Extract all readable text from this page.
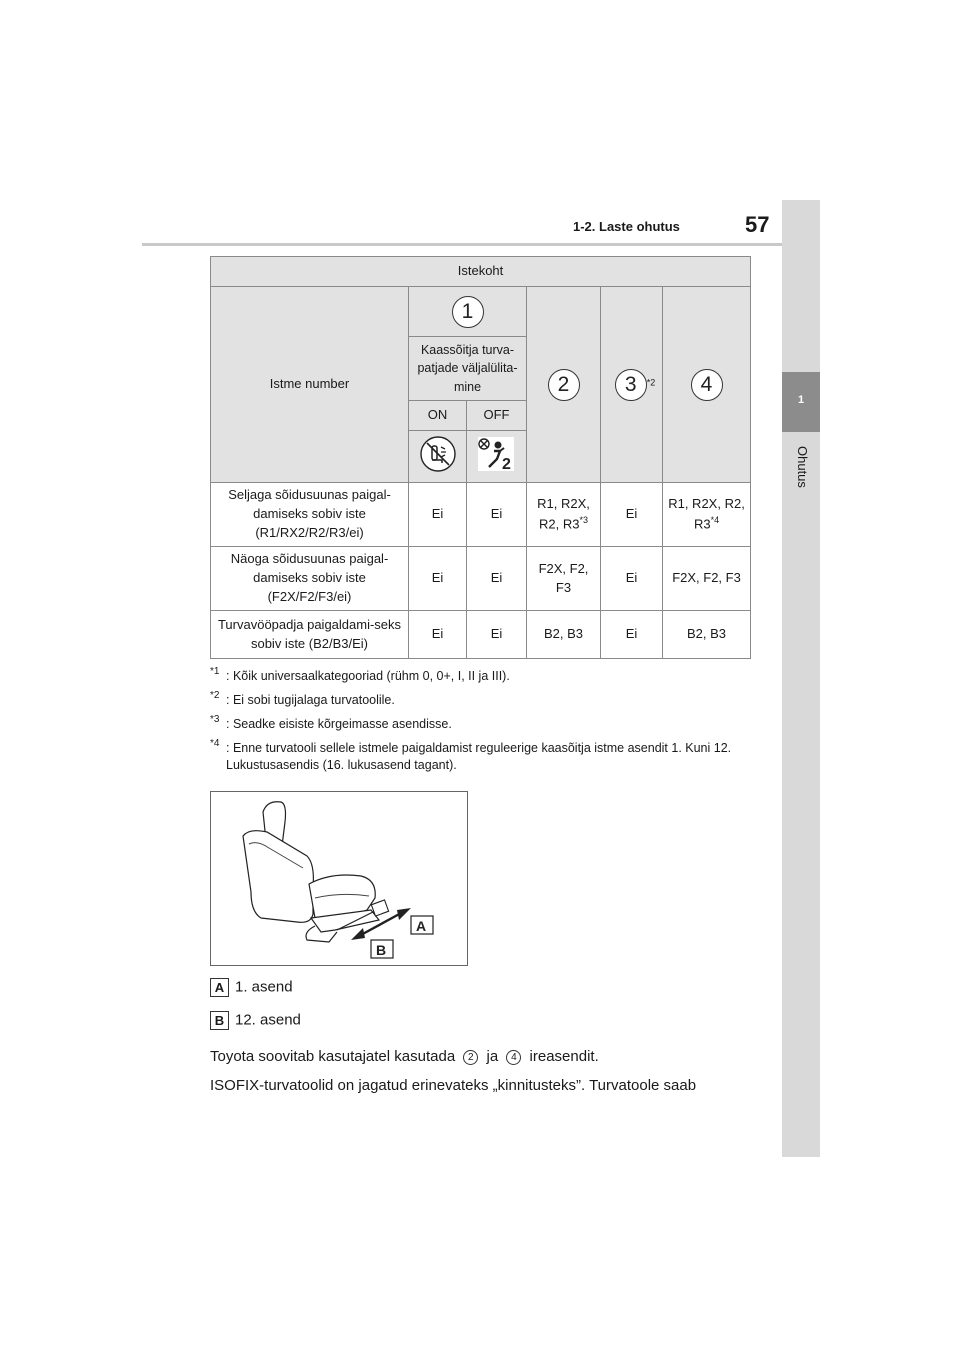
1-2. Laste ohutus	57
1
Ohutus
Istekoht					
Istme number	1		2	3 $^{*2}$	4
	Kaassõitja turva-patjade väljalülita-mine				
	ON	OFF			

2			

Seljaga sõidusuunas paigal-damiseks sobiv iste (R1/RX2/R2/R3/ei)	Ei	Ei	R1, R2X, R2, R3$^{*3}$	Ei	R1, R2X, R2, R3$^{*4}$
Näoga sõidusuunas paigal-damiseks sobiv iste (F2X/F2/F3/ei)	Ei	Ei	F2X, F2, F3	Ei	F2X, F2, F3
Turvavööpadja paigaldami-seks sobiv iste (B2/B3/Ei)	Ei	Ei	B2, B3	Ei	B2, B3
*1 : Kõik universaalkategooriad (rühm 0, 0+, I, II ja III).
*2 : Ei sobi tugijalaga turvatoolile.
*3 : Seadke eisiste kõrgeimasse asendisse.
*4 : Enne turvatooli sellele istmele paigaldamist reguleerige kaasõitja istme asendit 1. Kuni 12. Lukustusasendis (16. lukusasend tagant).
A
B
A 1. asend
B 12. asend
Toyota soovitab kasutajatel kasutada 2 ja 4 ireasendit.
ISOFIX-turvatoolid on jagatud erinevateks „kinnitusteks”. Turvatoole saab
